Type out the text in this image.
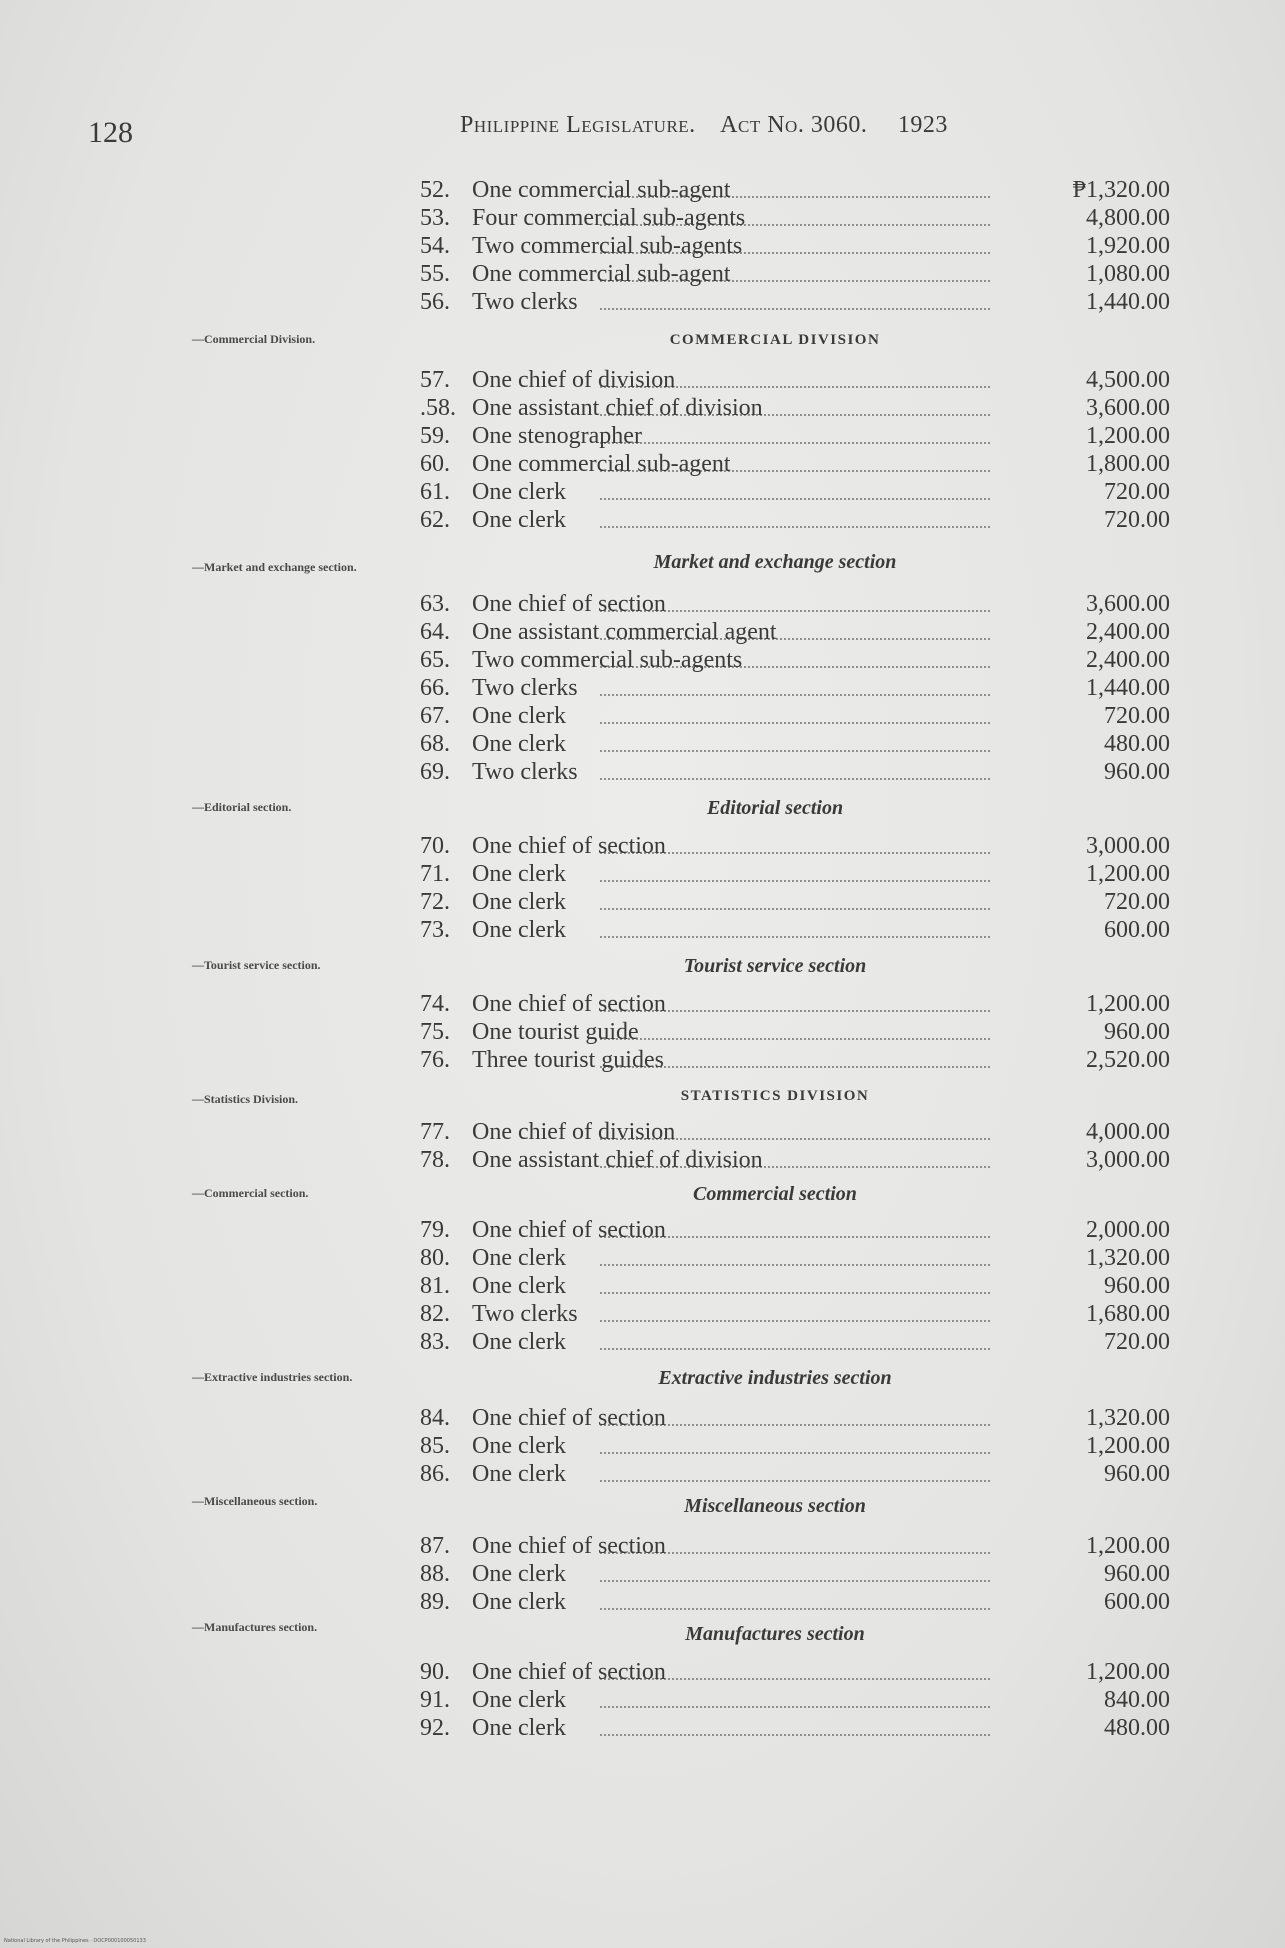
128	Philippine Legislature. Act No. 3060. 1923
52. One commercial sub-agent	₱1,320.00
53. Four commercial sub-agents	4,800.00
54. Two commercial sub-agents	1,920.00
55. One commercial sub-agent	1,080.00
56. Two clerks	1,440.00
57. One chief of division	4,500.00
.58. One assistant chief of division	3,600.00
59. One stenographer	1,200.00
60. One commercial sub-agent	1,800.00
61. One clerk	720.00
62. One clerk	720.00
63. One chief of section	3,600.00
64. One assistant commercial agent	2,400.00
65. Two commercial sub-agents	2,400.00
66. Two clerks	1,440.00
67. One clerk	720.00
68. One clerk	480.00
69. Two clerks	960.00
70. One chief of section	3,000.00
71. One clerk	1,200.00
72. One clerk	720.00
73. One clerk	600.00
74. One chief of section	1,200.00
75. One tourist guide	960.00
76. Three tourist guides	2,520.00
77. One chief of division	4,000.00
78. One assistant chief of division	3,000.00
79. One chief of section	2,000.00
80. One clerk	1,320.00
81. One clerk	960.00
82. Two clerks	1,680.00
83. One clerk	720.00
84. One chief of section	1,320.00
85. One clerk	1,200.00
86. One clerk	960.00
87. One chief of section	1,200.00
88. One clerk	960.00
89. One clerk	600.00
90. One chief of section	1,200.00
91. One clerk	840.00
92. One clerk	480.00
COMMERCIAL DIVISION
Market and exchange section
Editorial section
Tourist service section
STATISTICS DIVISION
Commercial section
Extractive industries section
Miscellaneous section
Manufactures section
—Commercial Division.
—Market and exchange section.
—Editorial section.
—Tourist service section.
—Statistics Division.
—Commercial section.
—Extractive industries section.
—Miscellaneous section.
—Manufactures section.
National Library of the Philippines · DOCP000100050133
